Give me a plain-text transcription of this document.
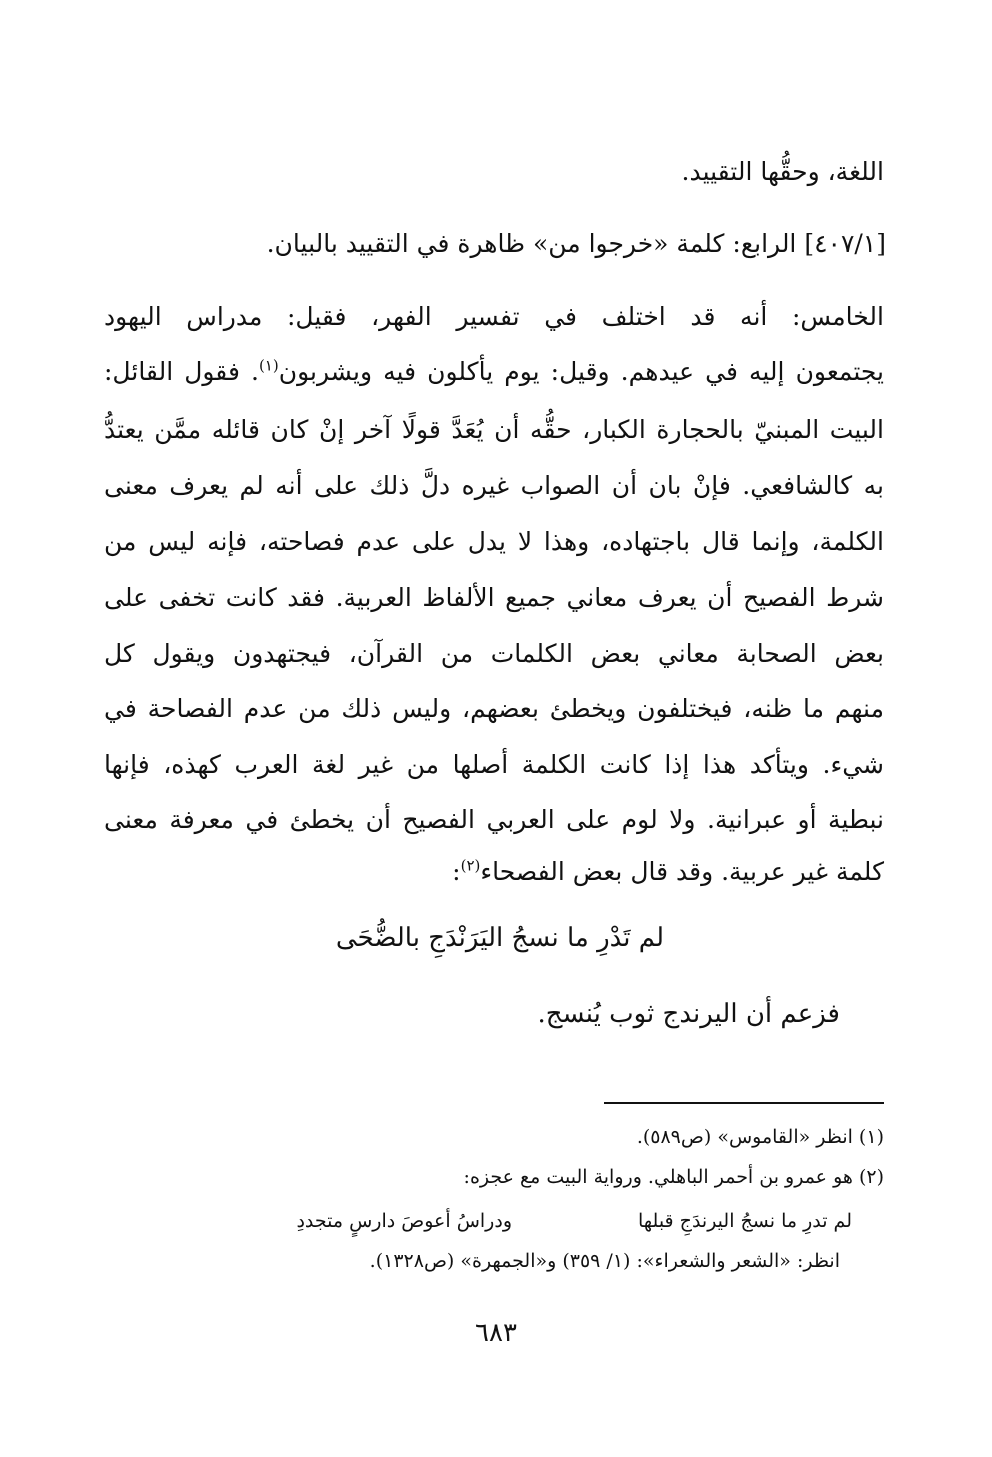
اللغة، وحقُّها التقييد.
[٤٠٧/١] الرابع: كلمة «خرجوا من» ظاهرة في التقييد بالبيان.
الخامس: أنه قد اختلف في تفسير الفهر، فقيل: مدراس اليهود
يجتمعون إليه في عيدهم. وقيل: يوم يأكلون فيه ويشربون$^{(١)}$. فقول القائل:
البيت المبنيّ بالحجارة الكبار، حقُّه أن يُعَدَّ قولًا آخر إنْ كان قائله ممَّن يعتدُّ
به كالشافعي. فإنْ بان أن الصواب غيره دلَّ ذلك على أنه لم يعرف معنى
الكلمة، وإنما قال باجتهاده، وهذا لا يدل على عدم فصاحته، فإنه ليس من
شرط الفصيح أن يعرف معاني جميع الألفاظ العربية. فقد كانت تخفى على
بعض الصحابة معاني بعض الكلمات من القرآن، فيجتهدون ويقول كل
منهم ما ظنه، فيختلفون ويخطئ بعضهم، وليس ذلك من عدم الفصاحة في
شيء. ويتأكد هذا إذا كانت الكلمة أصلها من غير لغة العرب كهذه، فإنها
نبطية أو عبرانية. ولا لوم على العربي الفصيح أن يخطئ في معرفة معنى
كلمة غير عربية. وقد قال بعض الفصحاء$^{(٢)}$:
لم تَدْرِ ما نسجُ اليَرَنْدَجِ بالضُّحَى
فزعم أن اليرندج ثوب يُنسج.
(١) انظر «القاموس» (ص٥٨٩).
(٢) هو عمرو بن أحمر الباهلي. ورواية البيت مع عجزه:
لم تدرِ ما نسجُ اليرندَجِ قبلها
ودراسُ أعوصَ دارسٍ متجددِ
انظر: «الشعر والشعراء»: (١/ ٣٥٩) و«الجمهرة» (ص١٣٢٨).
٦٨٣
